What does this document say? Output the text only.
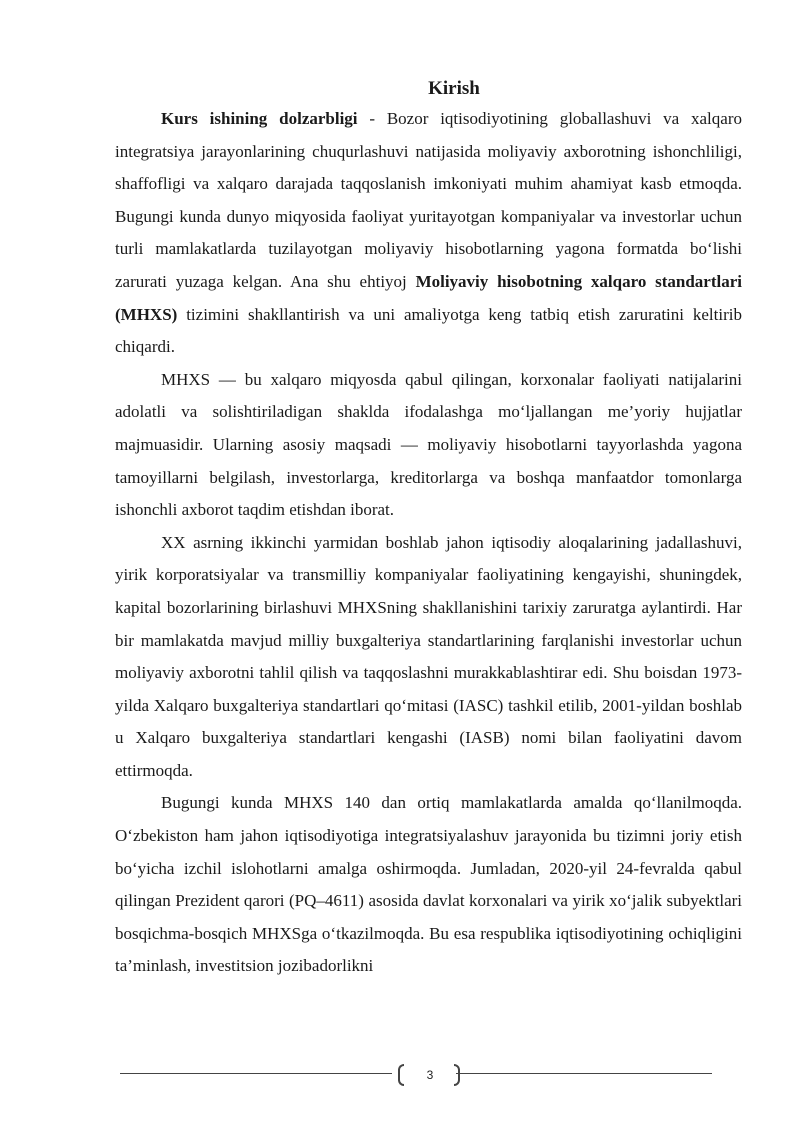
Kirish

Kurs ishining dolzarbligi - Bozor iqtisodiyotining globallashuvi va xalqaro integratsiya jarayonlarining chuqurlashuvi natijasida moliyaviy axborotning ishonchliligi, shaffofligi va xalqaro darajada taqqoslanish imkoniyati muhim ahamiyat kasb etmoqda. Bugungi kunda dunyo miqyosida faoliyat yuritayotgan kompaniyalar va investorlar uchun turli mamlakatlarda tuzilayotgan moliyaviy hisobotlarning yagona formatda bo‘lishi zarurati yuzaga kelgan. Ana shu ehtiyoj Moliyaviy hisobotning xalqaro standartlari (MHXS) tizimini shakllantirish va uni amaliyotga keng tatbiq etish zaruratini keltirib chiqardi.

MHXS — bu xalqaro miqyosda qabul qilingan, korxonalar faoliyati natijalarini adolatli va solishtiriladigan shaklda ifodalashga mo‘ljallangan me’yoriy hujjatlar majmuasidir. Ularning asosiy maqsadi — moliyaviy hisobotlarni tayyorlashda yagona tamoyillarni belgilash, investorlarga, kreditorlarga va boshqa manfaatdor tomonlarga ishonchli axborot taqdim etishdan iborat.

XX asrning ikkinchi yarmidan boshlab jahon iqtisodiy aloqalarining jadallashuvi, yirik korporatsiyalar va transmilliy kompaniyalar faoliyatining kengayishi, shuningdek, kapital bozorlarining birlashuvi MHXSning shakllanishini tarixiy zaruratga aylantirdi. Har bir mamlakatda mavjud milliy buxgalteriya standartlarining farqlanishi investorlar uchun moliyaviy axborotni tahlil qilish va taqqoslashni murakkablashtirar edi. Shu boisdan 1973-yilda Xalqaro buxgalteriya standartlari qo‘mitasi (IASC) tashkil etilib, 2001-yildan boshlab u Xalqaro buxgalteriya standartlari kengashi (IASB) nomi bilan faoliyatini davom ettirmoqda.

Bugungi kunda MHXS 140 dan ortiq mamlakatlarda amalda qo‘llanilmoqda. O‘zbekiston ham jahon iqtisodiyotiga integratsiyalashuv jarayonida bu tizimni joriy etish bo‘yicha izchil islohotlarni amalga oshirmoqda. Jumladan, 2020-yil 24-fevralda qabul qilingan Prezident qarori (PQ–4611) asosida davlat korxonalari va yirik xo‘jalik subyektlari bosqichma-bosqich MHXSga o‘tkazilmoqda. Bu esa respublika iqtisodiyotining ochiqligini ta’minlash, investitsion jozibadorlikni

3
